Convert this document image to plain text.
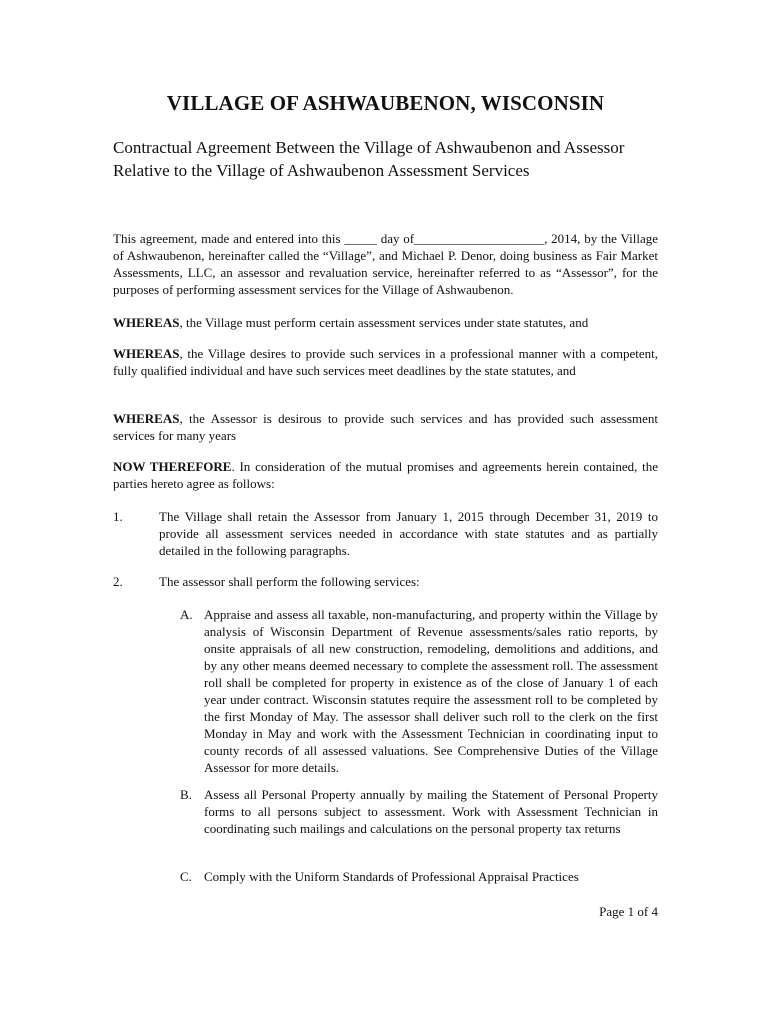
VILLAGE OF ASHWAUBENON, WISCONSIN
Contractual Agreement Between the Village of Ashwaubenon and Assessor Relative to the Village of Ashwaubenon Assessment Services
This agreement, made and entered into this _____ day of____________________, 2014, by the Village of Ashwaubenon, hereinafter called the “Village”, and Michael P. Denor, doing business as Fair Market Assessments, LLC, an assessor and revaluation service, hereinafter referred to as “Assessor”, for the purposes of performing assessment services for the Village of Ashwaubenon.
WHEREAS, the Village must perform certain assessment services under state statutes, and
WHEREAS, the Village desires to provide such services in a professional manner with a competent, fully qualified individual and have such services meet deadlines by the state statutes, and
WHEREAS, the Assessor is desirous to provide such services and has provided such assessment services for many years
NOW THEREFORE. In consideration of the mutual promises and agreements herein contained, the parties hereto agree as follows:
1.	The Village shall retain the Assessor from January 1, 2015 through December 31, 2019 to provide all assessment services needed in accordance with state statutes and as partially detailed in the following paragraphs.
2.	The assessor shall perform the following services:
A. Appraise and assess all taxable, non-manufacturing, and property within the Village by analysis of Wisconsin Department of Revenue assessments/sales ratio reports, by onsite appraisals of all new construction, remodeling, demolitions and additions, and by any other means deemed necessary to complete the assessment roll. The assessment roll shall be completed for property in existence as of the close of January 1 of each year under contract. Wisconsin statutes require the assessment roll to be completed by the first Monday of May. The assessor shall deliver such roll to the clerk on the first Monday in May and work with the Assessment Technician in coordinating input to county records of all assessed valuations. See Comprehensive Duties of the Village Assessor for more details.
B. Assess all Personal Property annually by mailing the Statement of Personal Property forms to all persons subject to assessment. Work with Assessment Technician in coordinating such mailings and calculations on the personal property tax returns
C. Comply with the Uniform Standards of Professional Appraisal Practices
Page 1 of 4
